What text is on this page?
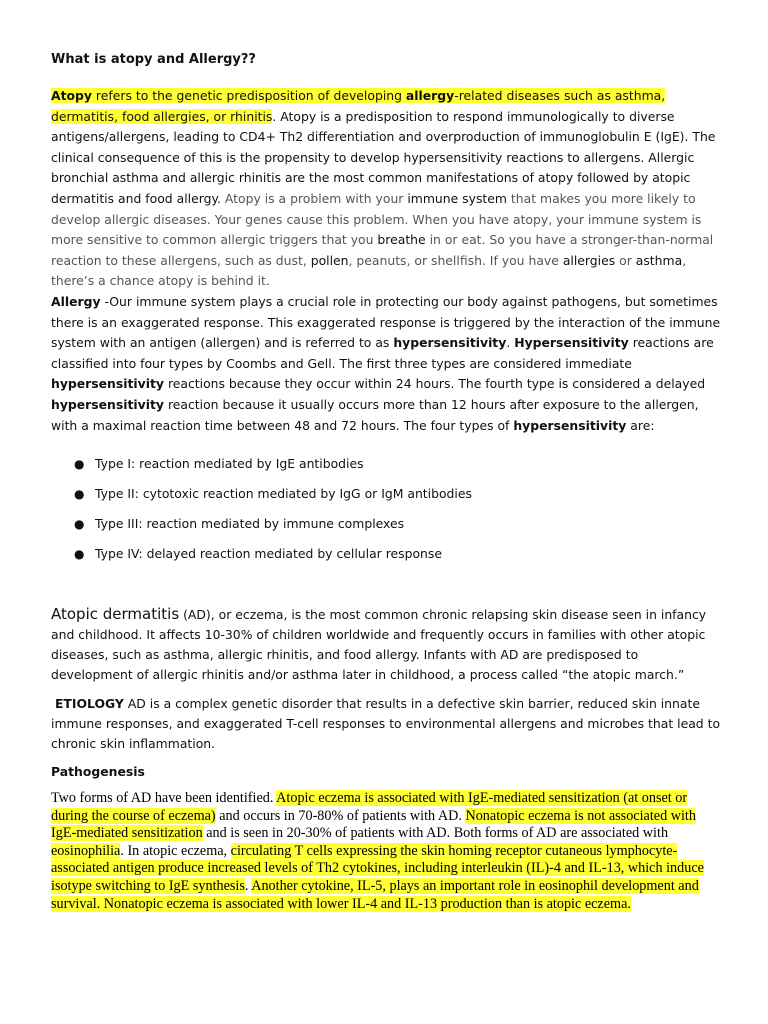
What is atopy and Allergy??
Atopy refers to the genetic predisposition of developing allergy-related diseases such as asthma, dermatitis, food allergies, or rhinitis. Atopy is a predisposition to respond immunologically to diverse antigens/allergens, leading to CD4+ Th2 differentiation and overproduction of immunoglobulin E (IgE). The clinical consequence of this is the propensity to develop hypersensitivity reactions to allergens. Allergic bronchial asthma and allergic rhinitis are the most common manifestations of atopy followed by atopic dermatitis and food allergy. Atopy is a problem with your immune system that makes you more likely to develop allergic diseases. Your genes cause this problem. When you have atopy, your immune system is more sensitive to common allergic triggers that you breathe in or eat. So you have a stronger-than-normal reaction to these allergens, such as dust, pollen, peanuts, or shellfish. If you have allergies or asthma, there’s a chance atopy is behind it.
Allergy -Our immune system plays a crucial role in protecting our body against pathogens, but sometimes there is an exaggerated response. This exaggerated response is triggered by the interaction of the immune system with an antigen (allergen) and is referred to as hypersensitivity. Hypersensitivity reactions are classified into four types by Coombs and Gell. The first three types are considered immediate hypersensitivity reactions because they occur within 24 hours. The fourth type is considered a delayed hypersensitivity reaction because it usually occurs more than 12 hours after exposure to the allergen, with a maximal reaction time between 48 and 72 hours. The four types of hypersensitivity are:
● Type I: reaction mediated by IgE antibodies
● Type II: cytotoxic reaction mediated by IgG or IgM antibodies
● Type III: reaction mediated by immune complexes
● Type IV: delayed reaction mediated by cellular response
Atopic dermatitis (AD), or eczema, is the most common chronic relapsing skin disease seen in infancy and childhood. It affects 10-30% of children worldwide and frequently occurs in families with other atopic diseases, such as asthma, allergic rhinitis, and food allergy. Infants with AD are predisposed to development of allergic rhinitis and/or asthma later in childhood, a process called “the atopic march.”
ETIOLOGY AD is a complex genetic disorder that results in a defective skin barrier, reduced skin innate immune responses, and exaggerated T-cell responses to environmental allergens and microbes that lead to chronic skin inflammation.
Pathogenesis
Two forms of AD have been identified. Atopic eczema is associated with IgE-mediated sensitization (at onset or during the course of eczema) and occurs in 70-80% of patients with AD. Nonatopic eczema is not associated with IgE-mediated sensitization and is seen in 20-30% of patients with AD. Both forms of AD are associated with eosinophilia. In atopic eczema, circulating T cells expressing the skin homing receptor cutaneous lymphocyte-associated antigen produce increased levels of Th2 cytokines, including interleukin (IL)-4 and IL-13, which induce isotype switching to IgE synthesis. Another cytokine, IL-5, plays an important role in eosinophil development and survival. Nonatopic eczema is associated with lower IL-4 and IL-13 production than is atopic eczema.
